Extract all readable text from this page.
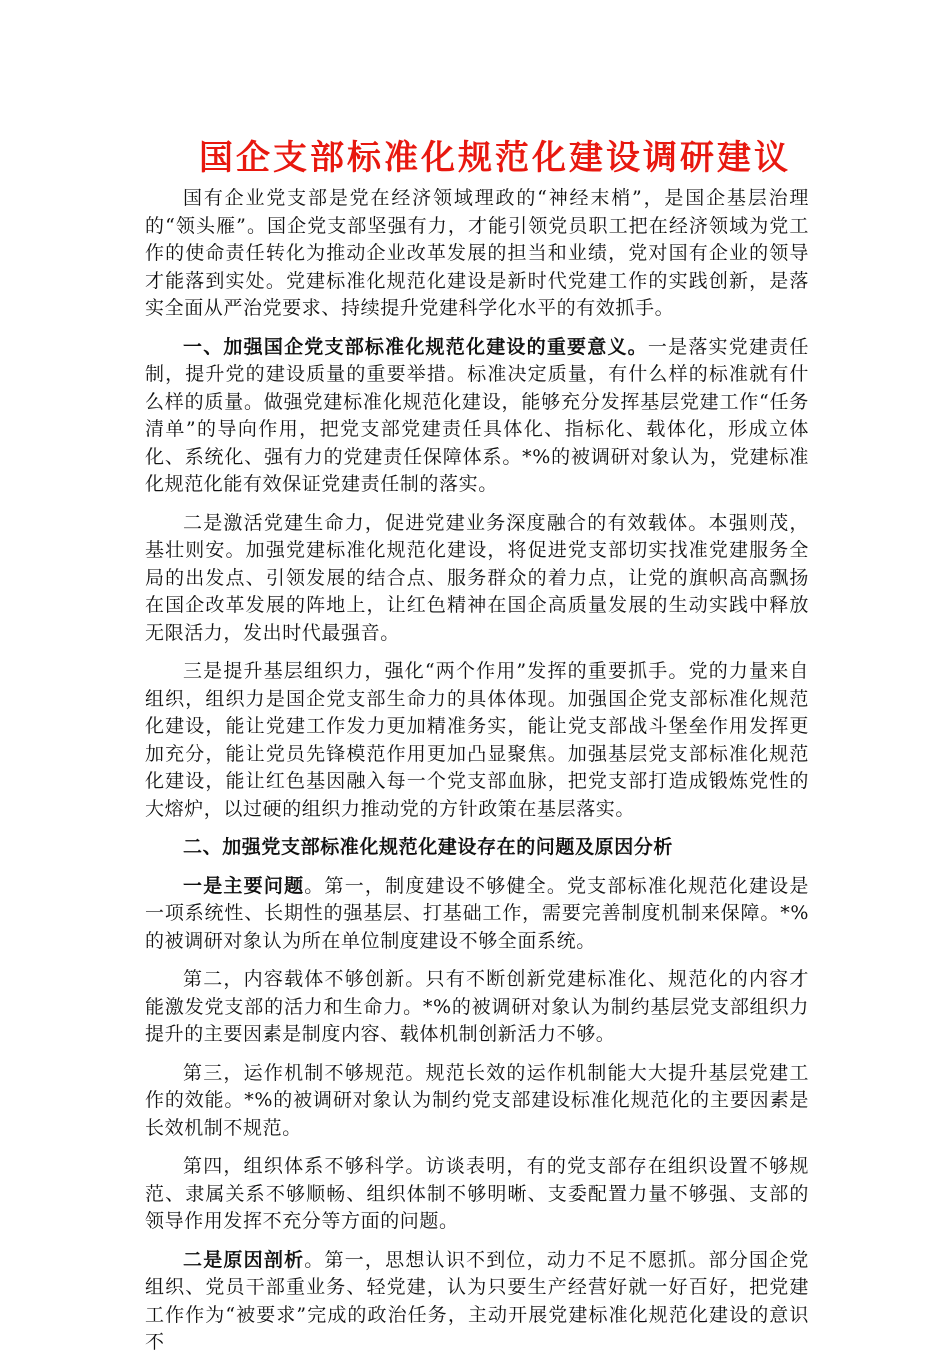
国企支部标准化规范化建设调研建议

国有企业党支部是党在经济领域理政的“神经末梢”，是国企基层治理的“领头雁”。国企党支部坚强有力，才能引领党员职工把在经济领域为党工作的使命责任转化为推动企业改革发展的担当和业绩，党对国有企业的领导才能落到实处。党建标准化规范化建设是新时代党建工作的实践创新，是落实全面从严治党要求、持续提升党建科学化水平的有效抓手。

一、加强国企党支部标准化规范化建设的重要意义。一是落实党建责任制，提升党的建设质量的重要举措。标准决定质量，有什么样的标准就有什么样的质量。做强党建标准化规范化建设，能够充分发挥基层党建工作“任务清单”的导向作用，把党支部党建责任具体化、指标化、载体化，形成立体化、系统化、强有力的党建责任保障体系。*%的被调研对象认为，党建标准化规范化能有效保证党建责任制的落实。

二是激活党建生命力，促进党建业务深度融合的有效载体。本强则茂，基壮则安。加强党建标准化规范化建设，将促进党支部切实找准党建服务全局的出发点、引领发展的结合点、服务群众的着力点，让党的旗帜高高飘扬在国企改革发展的阵地上，让红色精神在国企高质量发展的生动实践中释放无限活力，发出时代最强音。

三是提升基层组织力，强化“两个作用”发挥的重要抓手。党的力量来自组织，组织力是国企党支部生命力的具体体现。加强国企党支部标准化规范化建设，能让党建工作发力更加精准务实，能让党支部战斗堡垒作用发挥更加充分，能让党员先锋模范作用更加凸显聚焦。加强基层党支部标准化规范化建设，能让红色基因融入每一个党支部血脉，把党支部打造成锻炼党性的大熔炉，以过硬的组织力推动党的方针政策在基层落实。

二、加强党支部标准化规范化建设存在的问题及原因分析

一是主要问题。第一，制度建设不够健全。党支部标准化规范化建设是一项系统性、长期性的强基层、打基础工作，需要完善制度机制来保障。*%的被调研对象认为所在单位制度建设不够全面系统。

第二，内容载体不够创新。只有不断创新党建标准化、规范化的内容才能激发党支部的活力和生命力。*%的被调研对象认为制约基层党支部组织力提升的主要因素是制度内容、载体机制创新活力不够。

第三，运作机制不够规范。规范长效的运作机制能大大提升基层党建工作的效能。*%的被调研对象认为制约党支部建设标准化规范化的主要因素是长效机制不规范。

第四，组织体系不够科学。访谈表明，有的党支部存在组织设置不够规范、隶属关系不够顺畅、组织体制不够明晰、支委配置力量不够强、支部的领导作用发挥不充分等方面的问题。

二是原因剖析。第一，思想认识不到位，动力不足不愿抓。部分国企党组织、党员干部重业务、轻党建，认为只要生产经营好就一好百好，把党建工作作为“被要求”完成的政治任务，主动开展党建标准化规范化建设的意识不
